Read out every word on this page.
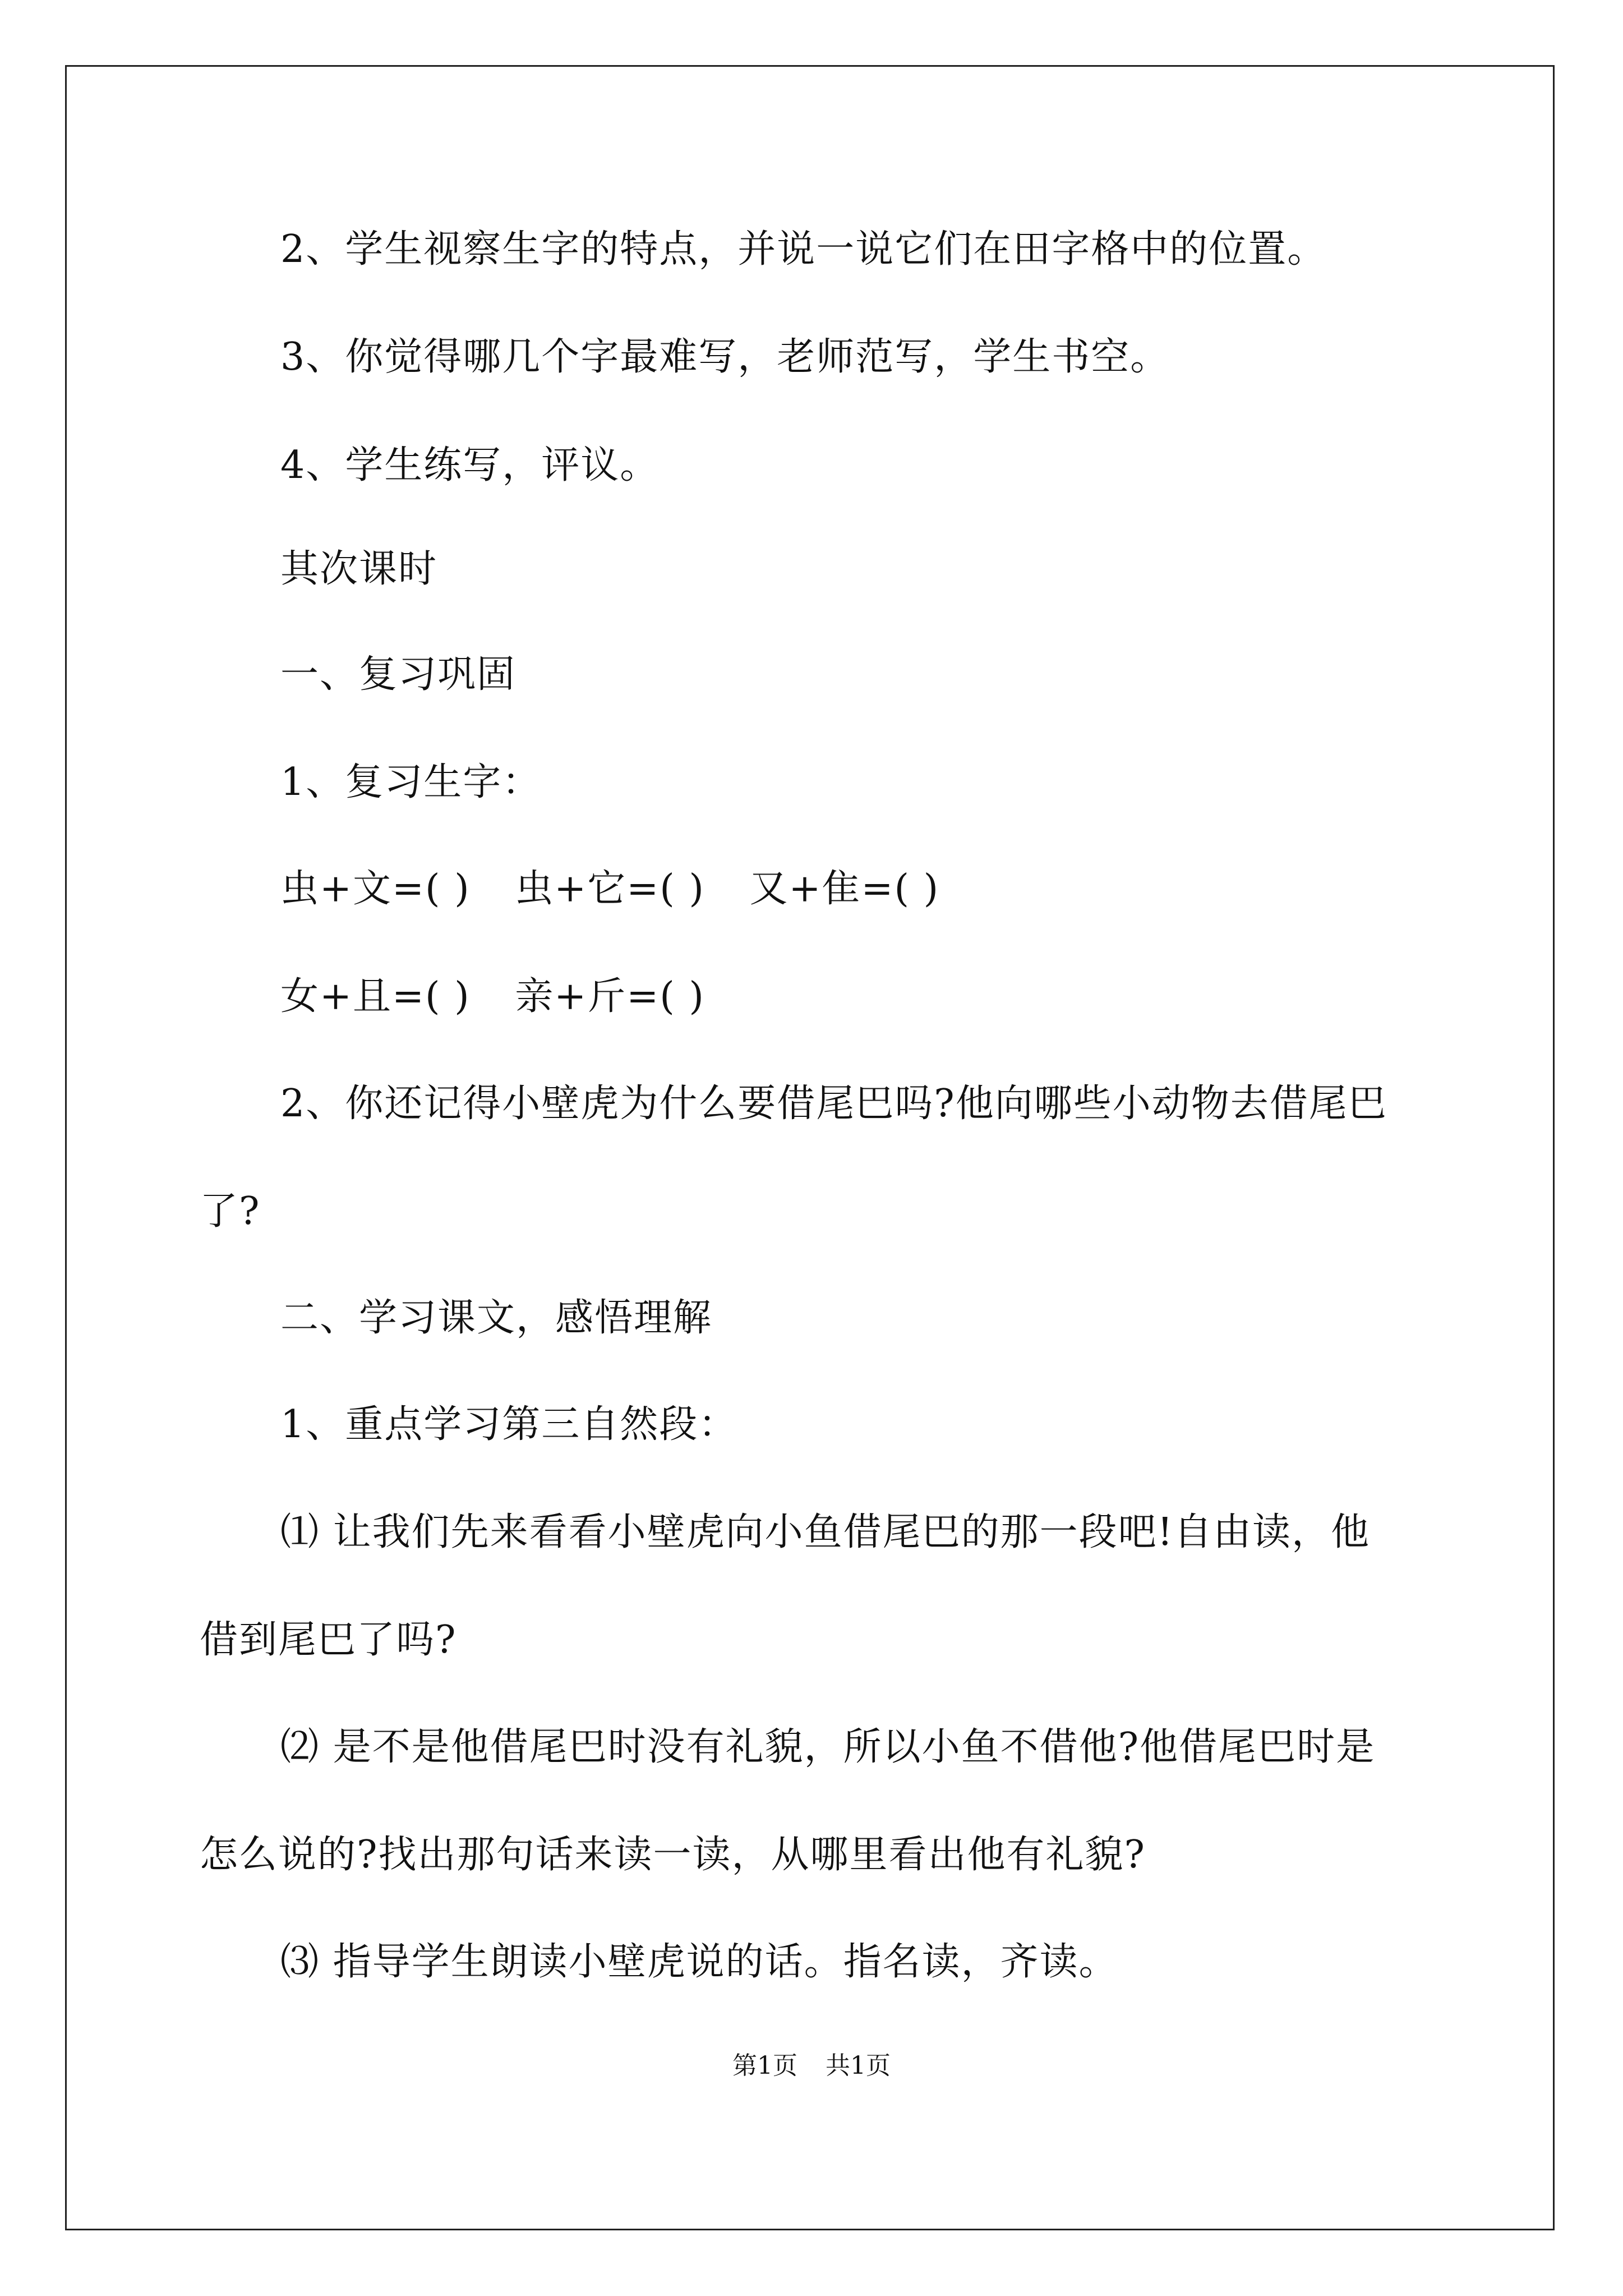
2、学生视察生字的特点，并说一说它们在田字格中的位置。
3、你觉得哪几个字最难写，老师范写，学生书空。
4、学生练写，评议。
其次课时
一、复习巩固
1、复习生字：
虫+文=( ) 虫+它=( ) 又+隹=( )
女+且=( ) 亲+斤=( )
2、你还记得小壁虎为什么要借尾巴吗?他向哪些小动物去借尾巴
了?
二、学习课文，感悟理解
1、重点学习第三自然段：
⑴ 让我们先来看看小壁虎向小鱼借尾巴的那一段吧!自由读，他
借到尾巴了吗?
⑵ 是不是他借尾巴时没有礼貌，所以小鱼不借他?他借尾巴时是
怎么说的?找出那句话来读一读，从哪里看出他有礼貌?
⑶ 指导学生朗读小壁虎说的话。指名读，齐读。
第1页 共1页
